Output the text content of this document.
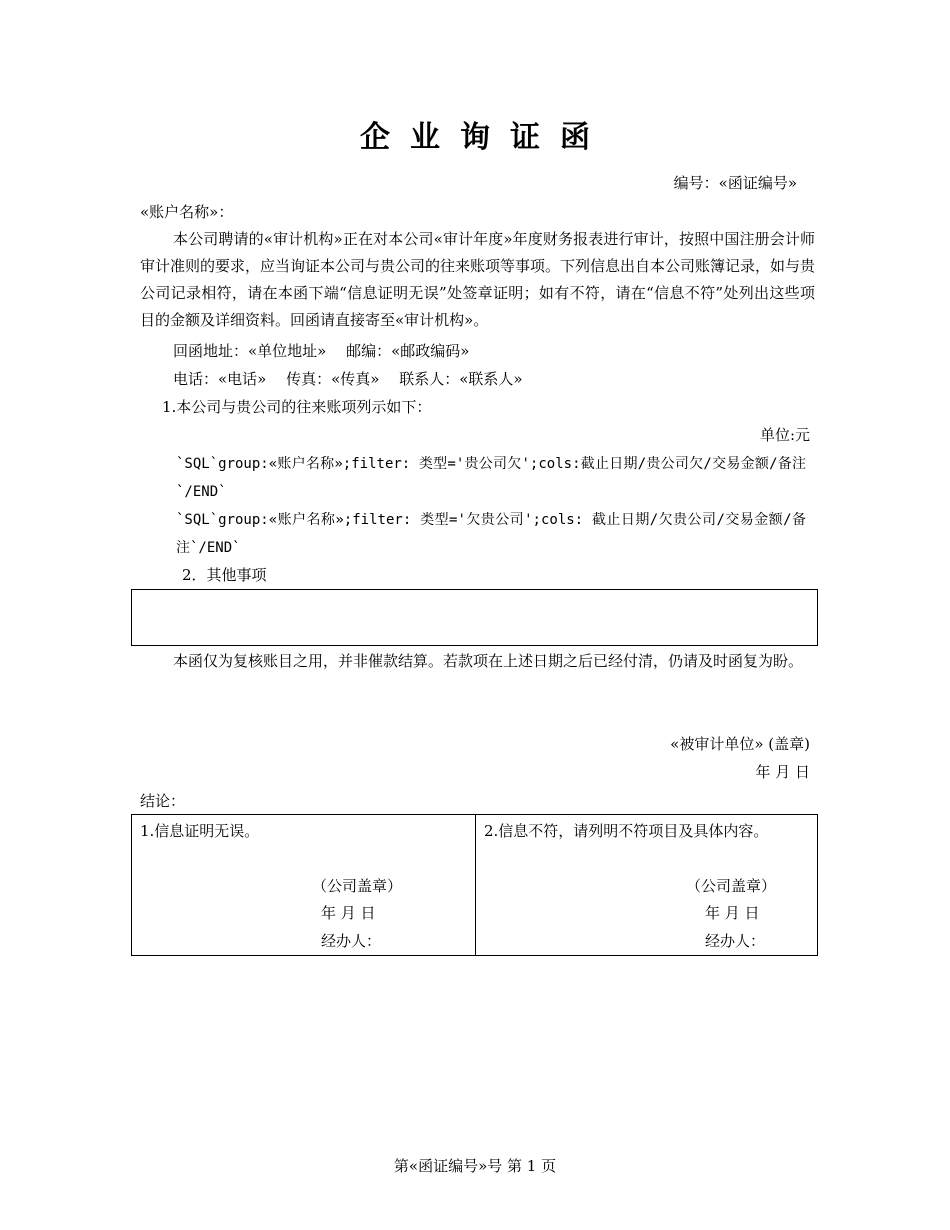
企业询证函
编号：«函证编号»
«账户名称»：
本公司聘请的«审计机构»正在对本公司«审计年度»年度财务报表进行审计，按照中国注册会计师审计准则的要求，应当询证本公司与贵公司的往来账项等事项。下列信息出自本公司账簿记录，如与贵公司记录相符，请在本函下端“信息证明无误”处签章证明；如有不符，请在“信息不符”处列出这些项目的金额及详细资料。回函请直接寄至«审计机构»。
回函地址：«单位地址»　 邮编：«邮政编码»
电话：«电话»　 传真：«传真»　 联系人：«联系人»
1.本公司与贵公司的往来账项列示如下：
单位:元
`SQL`group:«账户名称»;filter: 类型='贵公司欠';cols:截止日期/贵公司欠/交易金额/备注`/END`
`SQL`group:«账户名称»;filter: 类型='欠贵公司';cols: 截止日期/欠贵公司/交易金额/备注`/END`
2．其他事项
本函仅为复核账目之用，并非催款结算。若款项在上述日期之后已经付清，仍请及时函复为盼。
«被审计单位» (盖章)
年 月 日
结论：
1.信息证明无误。
（公司盖章）
年 月 日
经办人：
2.信息不符，请列明不符项目及具体内容。
（公司盖章）
年 月 日
经办人：
第«函证编号»号 第 1 页
